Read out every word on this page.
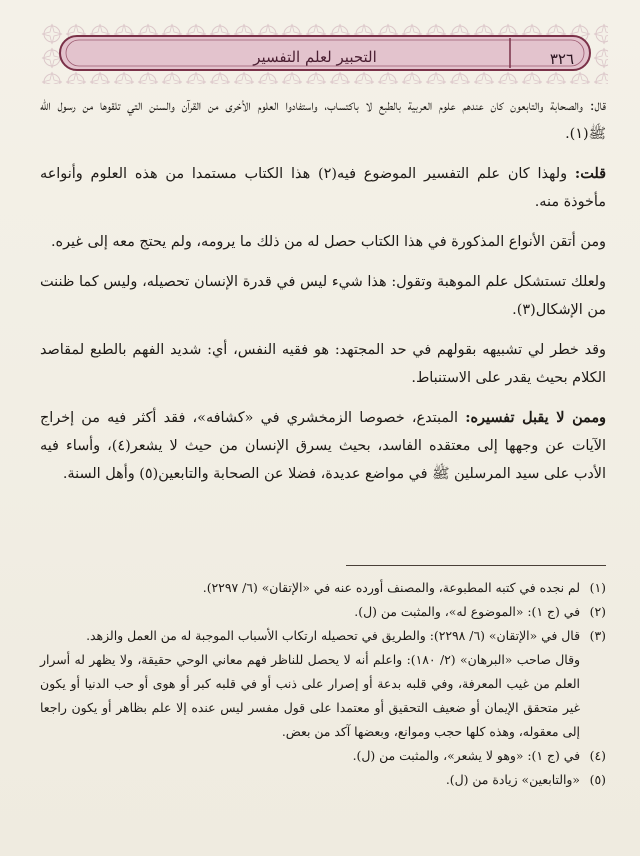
٣٢٦
التحبير لعلم التفسير

قال: والصحابة والتابعون كان عندهم علوم العربية بالطبع لا باكتساب، واستفادوا العلوم الأخرى من القرآن والسنن التي تلقوها من رسول الله ﷺ(١).

قلت: ولهذا كان علم التفسير الموضوع فيه(٢) هذا الكتاب مستمدا من هذه العلوم وأنواعه مأخوذة منه.

ومن أتقن الأنواع المذكورة في هذا الكتاب حصل له من ذلك ما يرومه، ولم يحتج معه إلى غيره.

ولعلك تستشكل علم الموهبة وتقول: هذا شيء ليس في قدرة الإنسان تحصيله، وليس كما ظننت من الإشكال(٣).

وقد خطر لي تشبيهه بقولهم في حد المجتهد: هو فقيه النفس، أي: شديد الفهم بالطبع لمقاصد الكلام بحيث يقدر على الاستنباط.

وممن لا يقبل تفسيره: المبتدع، خصوصا الزمخشري في «كشافه»، فقد أكثر فيه من إخراج الآيات عن وجهها إلى معتقده الفاسد، بحيث يسرق الإنسان من حيث لا يشعر(٤)، وأساء فيه الأدب على سيد المرسلين ﷺ في مواضع عديدة، فضلا عن الصحابة والتابعين(٥) وأهل السنة.

(١)لم نجده في كتبه المطبوعة، والمصنف أورده عنه في «الإتقان» (٦/ ٢٢٩٧).

(٢)في (ج ١): «الموضوع له»، والمثبت من (ل).

(٣)قال في «الإتقان» (٦/ ٢٢٩٨): والطريق في تحصيله ارتكاب الأسباب الموجبة له من العمل والزهد.

وقال صاحب «البرهان» (٢/ ١٨٠): واعلم أنه لا يحصل للناظر فهم معاني الوحي حقيقة، ولا يظهر له أسرار العلم من غيب المعرفة، وفي قلبه بدعة أو إصرار على ذنب أو في قلبه كبر أو هوى أو حب الدنيا أو يكون غير متحقق الإيمان أو ضعيف التحقيق أو معتمدا على قول مفسر ليس عنده إلا علم بظاهر أو يكون راجعا إلى معقوله، وهذه كلها حجب وموانع، وبعضها آكد من بعض.

(٤)في (ج ١): «وهو لا يشعر»، والمثبت من (ل).

(٥)«والتابعين» زيادة من (ل).
